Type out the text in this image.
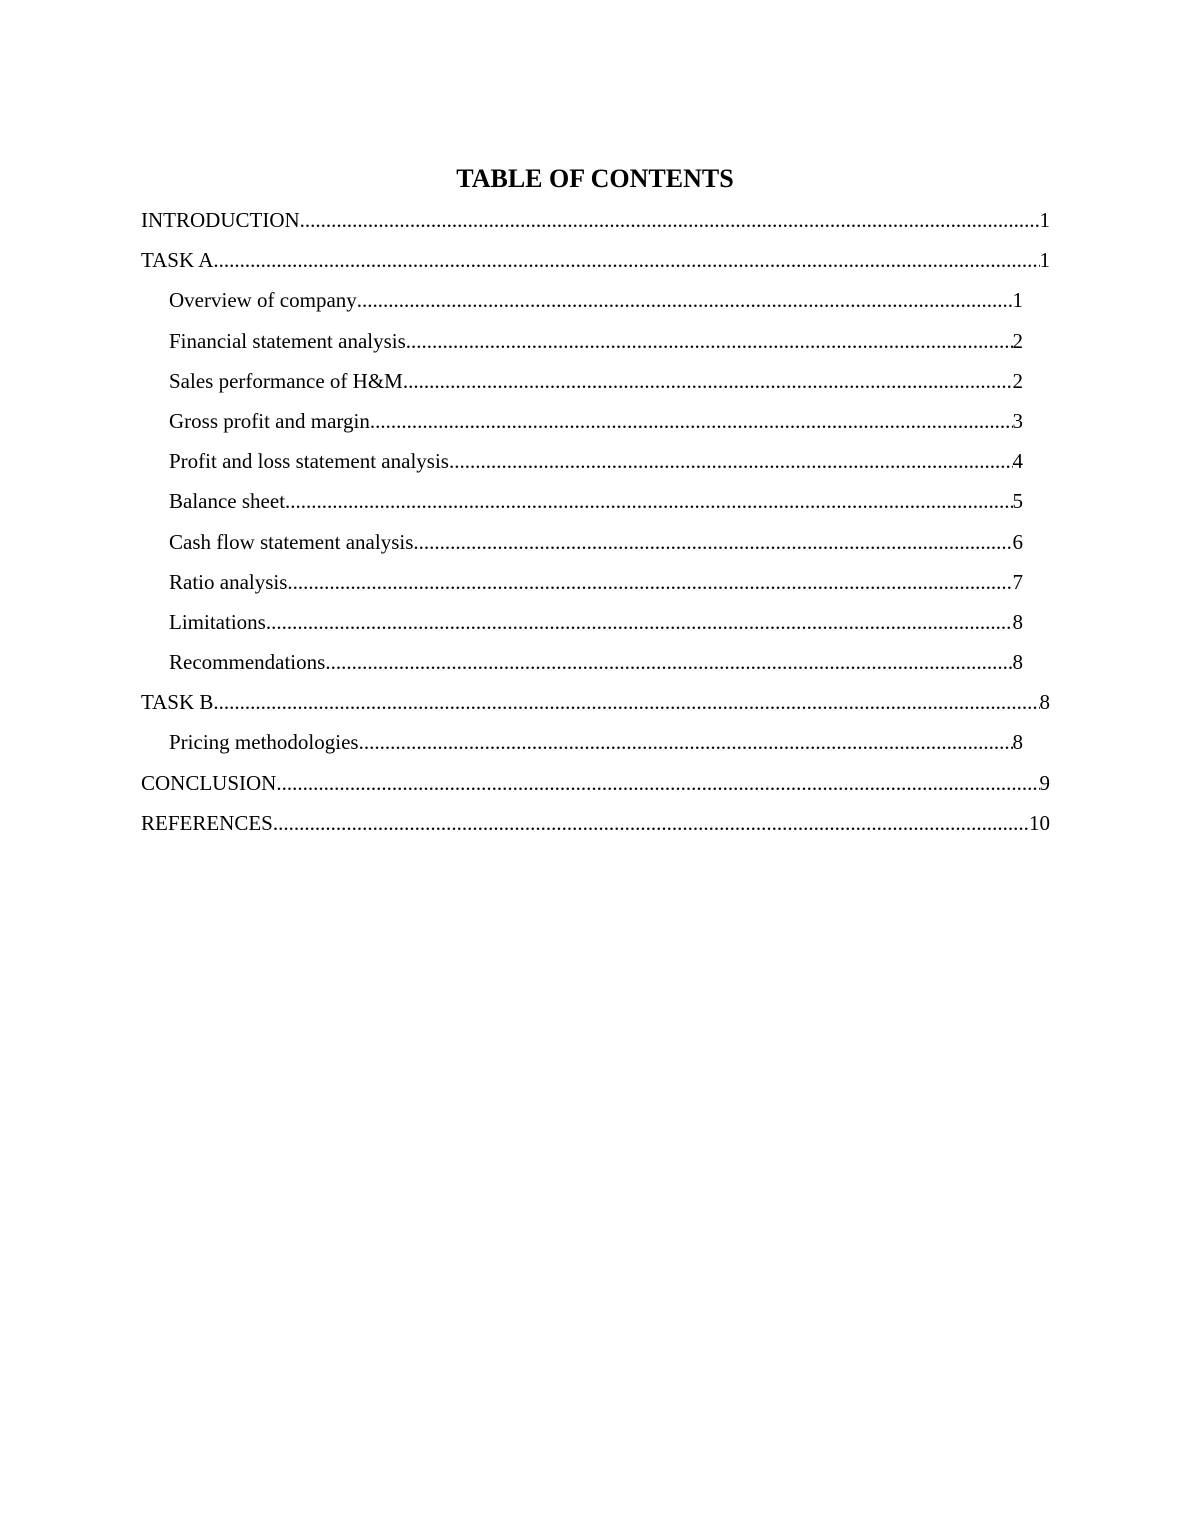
TABLE OF CONTENTS
INTRODUCTION .....	1
TASK A .....	1
Overview of company .....	1
Financial statement analysis .....	2
Sales performance of H&M .....	2
Gross profit and margin .....	3
Profit and loss statement analysis .....	4
Balance sheet .....	5
Cash flow statement analysis .....	6
Ratio analysis .....	7
Limitations .....	8
Recommendations .....	8
TASK B .....	8
Pricing methodologies .....	8
CONCLUSION .....	9
REFERENCES .....	10
